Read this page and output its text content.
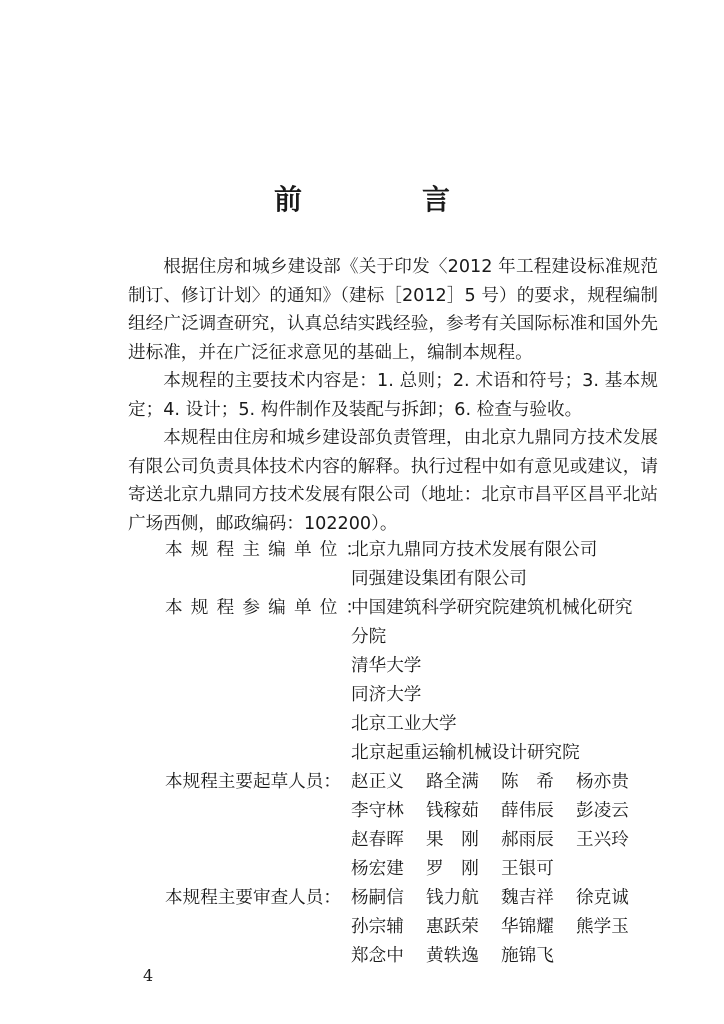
前　言

根据住房和城乡建设部《关于印发〈2012 年工程建设标准规范制订、修订计划〉的通知》（建标［2012］5 号）的要求，规程编制组经广泛调查研究，认真总结实践经验，参考有关国际标准和国外先进标准，并在广泛征求意见的基础上，编制本规程。

本规程的主要技术内容是：1. 总则；2. 术语和符号；3. 基本规定；4. 设计；5. 构件制作及装配与拆卸；6. 检查与验收。

本规程由住房和城乡建设部负责管理，由北京九鼎同方技术发展有限公司负责具体技术内容的解释。执行过程中如有意见或建议，请寄送北京九鼎同方技术发展有限公司（地址：北京市昌平区昌平北站广场西侧，邮政编码：102200）。

本规程主编单位：
北京九鼎同方技术发展有限公司
同强建设集团有限公司
本规程参编单位：
中国建筑科学研究院建筑机械化研究
分院
清华大学
同济大学
北京工业大学
北京起重运输机械设计研究院
本规程主要起草人员： 赵正义	路全满	陈　希	杨亦贵
李守林	钱稼茹	薛伟辰	彭凌云
赵春晖	果　刚	郝雨辰	王兴玲
杨宏建	罗　刚	王银可
本规程主要审查人员： 杨嗣信	钱力航	魏吉祥	徐克诚
孙宗辅	惠跃荣	华锦耀	熊学玉
郑念中	黄轶逸	施锦飞
4
